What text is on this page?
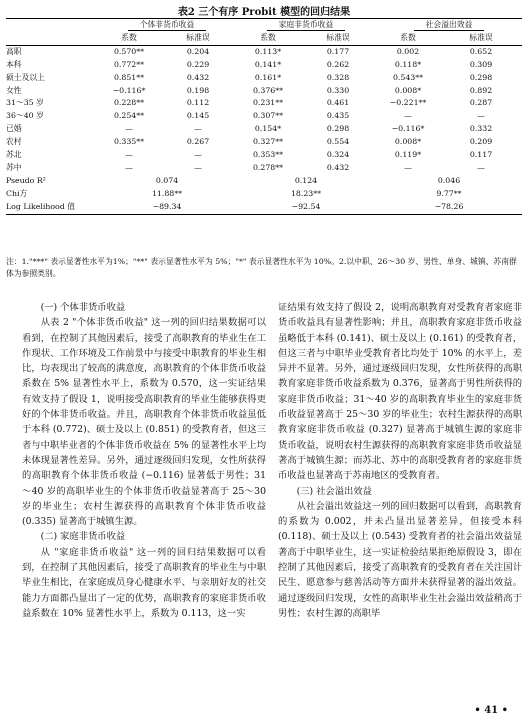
表2 三个有序 Probit 模型的回归结果
	个体非货币收益		家庭非货币收益		社会溢出效益	
	系数	标准误	系数	标准误	系数	标准误
高职	0.570**	0.204	0.113*	0.177	0.002	0.652
本科	0.772**	0.229	0.141*	0.262	0.118*	0.309
硕士及以上	0.851**	0.432	0.161*	0.328	0.543**	0.298
女性	−0.116*	0.198	0.376**	0.330	0.008*	0.892
31～35 岁	0.228**	0.112	0.231**	0.461	−0.221**	0.287
36～40 岁	0.254**	0.145	0.307**	0.435	—	—
已婚	—	—	0.154*	0.298	−0.116*	0.332
农村	0.335**	0.267	0.327**	0.554	0.008*	0.209
苏北	—	—	0.353**	0.324	0.119*	0.117
苏中	—	—	0.278**	0.432	—	—
Pseudo R²	0.074		0.124		0.046	
Chi方	11.88**		18.23**		9.77**	
Log Likelihood 值	−89.34		−92.54		−78.26	
注：1."***" 表示显著性水平为1%；"**" 表示显著性水平为 5%；"*" 表示显著性水平为 10%。2.以中职、26～30 岁、男性、单身、城镇、苏南群体为参照类别。

(一) 个体非货币收益

从表 2 "个体非货币收益" 这一列的回归结果数据可以看到，在控制了其他因素后，接受了高职教育的毕业生在工作现状、工作环境及工作前景中与接受中职教育的毕业生相比，均表现出了较高的满意度，高职教育的个体非货币收益系数在 5% 显著性水平上，系数为 0.570，这一实证结果有效支持了假设 1，说明接受高职教育的毕业生能够获得更好的个体非货币收益。并且，高职教育个体非货币收益虽低于本科 (0.772)、硕士及以上 (0.851) 的受教育者，但这三者与中职毕业者的个体非货币收益在 5% 的显著性水平上均未体现显著性差异。另外，通过逐级回归发现，女性所获得的高职教育个体非货币收益 (−0.116) 显著低于男性；31～40 岁的高职毕业生的个体非货币收益显著高于 25～30 岁的毕业生；农村生源获得的高职教育个体非货币收益 (0.335) 显著高于城镇生源。

(二) 家庭非货币收益

从 "家庭非货币收益" 这一列的回归结果数据可以看到，在控制了其他因素后，接受了高职教育的毕业生与中职毕业生相比，在家庭成员身心健康水平、与亲朋好友的社交能力方面都凸显出了一定的优势，高职教育的家庭非货币收益系数在 10% 显著性水平上，系数为 0.113，这一实

证结果有效支持了假设 2，说明高职教育对受教育者家庭非货币收益具有显著性影响；并且，高职教育家庭非货币收益虽略低于本科 (0.141)、硕士及以上 (0.161) 的受教育者，但这三者与中职毕业受教育者比均处于 10% 的水平上，差异并不显著。另外，通过逐级回归发现，女性所获得的高职教育家庭非货币收益系数为 0.376，显著高于男性所获得的家庭非货币收益；31～40 岁的高职教育毕业生的家庭非货币收益显著高于 25～30 岁的毕业生；农村生源获得的高职教育家庭非货币收益 (0.327) 显著高于城镇生源的家庭非货币收益，说明农村生源获得的高职教育家庭非货币收益显著高于城镇生源；而苏北、苏中的高职受教育者的家庭非货币收益也显著高于苏南地区的受教育者。

(三) 社会溢出效益

从社会溢出效益这一列的回归数据可以看到，高职教育的系数为 0.002，并未凸显出显著差异，但接受本科 (0.118)、硕士及以上 (0.543) 受教育者的社会溢出效益显著高于中职毕业生，这一实证检验结果拒绝原假设 3，即在控制了其他因素后，接受了高职教育的受教育者在关注国计民生、愿意参与慈善活动等方面并未获得显著的溢出效益。通过逐级回归发现，女性的高职毕业生社会溢出效益稍高于男性；农村生源的高职毕

• 41 •
